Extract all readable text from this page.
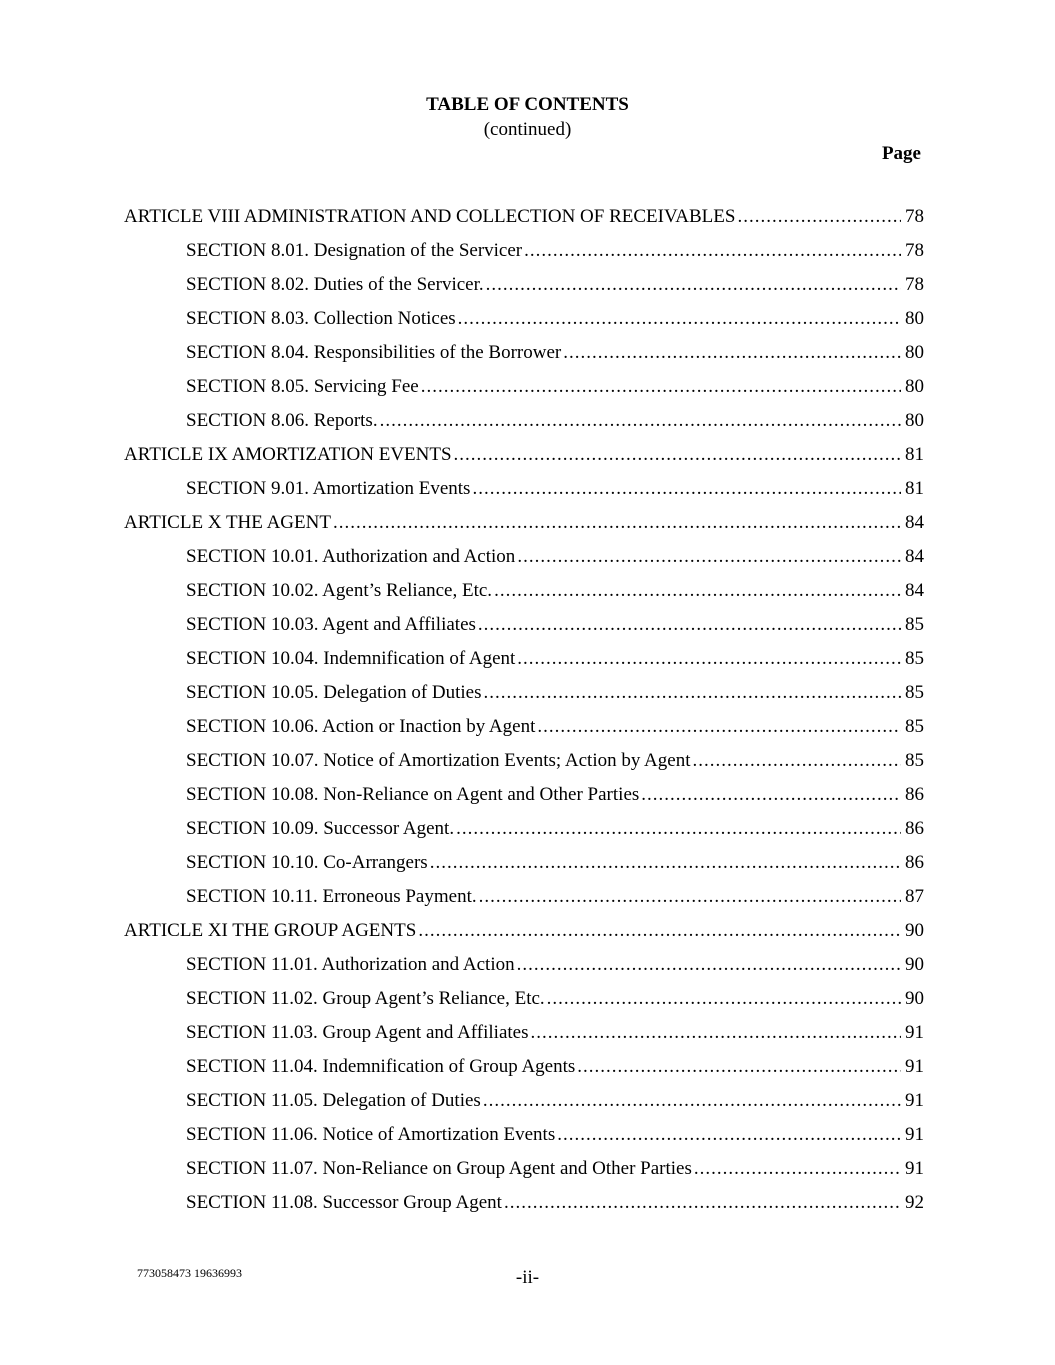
TABLE OF CONTENTS
(continued)
Page
ARTICLE VIII ADMINISTRATION AND COLLECTION OF RECEIVABLES .....	78
SECTION 8.01. Designation of the Servicer .....	78
SECTION 8.02. Duties of the Servicer. .....	78
SECTION 8.03. Collection Notices .....	80
SECTION 8.04. Responsibilities of the Borrower .....	80
SECTION 8.05. Servicing Fee .....	80
SECTION 8.06. Reports. .....	80
ARTICLE IX AMORTIZATION EVENTS .....	81
SECTION 9.01. Amortization Events .....	81
ARTICLE X THE AGENT .....	84
SECTION 10.01. Authorization and Action .....	84
SECTION 10.02. Agent’s Reliance, Etc. .....	84
SECTION 10.03. Agent and Affiliates .....	85
SECTION 10.04. Indemnification of Agent .....	85
SECTION 10.05. Delegation of Duties .....	85
SECTION 10.06. Action or Inaction by Agent .....	85
SECTION 10.07. Notice of Amortization Events; Action by Agent .....	85
SECTION 10.08. Non-Reliance on Agent and Other Parties .....	86
SECTION 10.09. Successor Agent. .....	86
SECTION 10.10. Co-Arrangers .....	86
SECTION 10.11. Erroneous Payment. .....	87
ARTICLE XI THE GROUP AGENTS .....	90
SECTION 11.01. Authorization and Action .....	90
SECTION 11.02. Group Agent’s Reliance, Etc. .....	90
SECTION 11.03. Group Agent and Affiliates .....	91
SECTION 11.04. Indemnification of Group Agents .....	91
SECTION 11.05. Delegation of Duties .....	91
SECTION 11.06. Notice of Amortization Events .....	91
SECTION 11.07. Non-Reliance on Group Agent and Other Parties .....	91
SECTION 11.08. Successor Group Agent .....	92
773058473 19636993	-ii-
